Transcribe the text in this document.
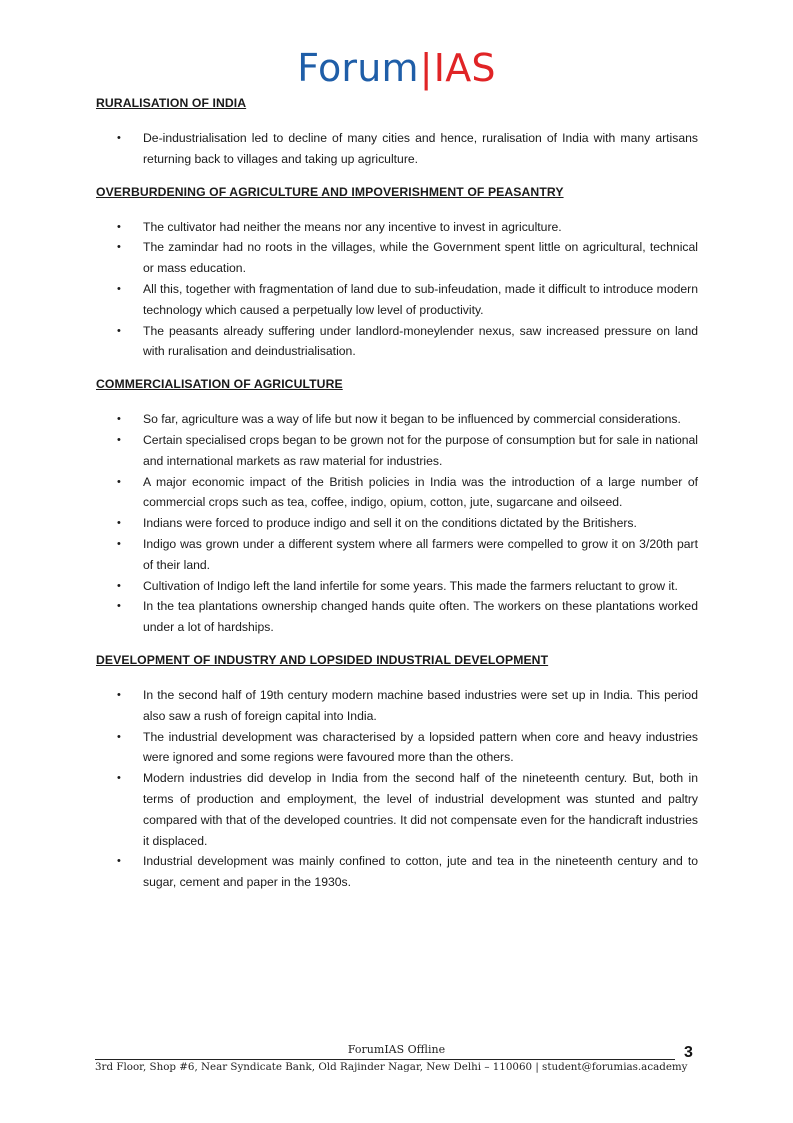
Forum|IAS
RURALISATION OF INDIA
• De-industrialisation led to decline of many cities and hence, ruralisation of India with many artisans returning back to villages and taking up agriculture.
OVERBURDENING OF AGRICULTURE AND IMPOVERISHMENT OF PEASANTRY
• The cultivator had neither the means nor any incentive to invest in agriculture.
• The zamindar had no roots in the villages, while the Government spent little on agricultural, technical or mass education.
• All this, together with fragmentation of land due to sub-infeudation, made it difficult to introduce modern technology which caused a perpetually low level of productivity.
• The peasants already suffering under landlord-moneylender nexus, saw increased pressure on land with ruralisation and deindustrialisation.
COMMERCIALISATION OF AGRICULTURE
• So far, agriculture was a way of life but now it began to be influenced by commercial considerations.
• Certain specialised crops began to be grown not for the purpose of consumption but for sale in national and international markets as raw material for industries.
• A major economic impact of the British policies in India was the introduction of a large number of commercial crops such as tea, coffee, indigo, opium, cotton, jute, sugarcane and oilseed.
• Indians were forced to produce indigo and sell it on the conditions dictated by the Britishers.
• Indigo was grown under a different system where all farmers were compelled to grow it on 3/20th part of their land.
• Cultivation of Indigo left the land infertile for some years. This made the farmers reluctant to grow it.
• In the tea plantations ownership changed hands quite often. The workers on these plantations worked under a lot of hardships.
DEVELOPMENT OF INDUSTRY AND LOPSIDED INDUSTRIAL DEVELOPMENT
• In the second half of 19th century modern machine based industries were set up in India. This period also saw a rush of foreign capital into India.
• The industrial development was characterised by a lopsided pattern when core and heavy industries were ignored and some regions were favoured more than the others.
• Modern industries did develop in India from the second half of the nineteenth century. But, both in terms of production and employment, the level of industrial development was stunted and paltry compared with that of the developed countries. It did not compensate even for the handicraft industries it displaced.
• Industrial development was mainly confined to cotton, jute and tea in the nineteenth century and to sugar, cement and paper in the 1930s.
ForumIAS Offline
3rd Floor, Shop #6, Near Syndicate Bank, Old Rajinder Nagar, New Delhi – 110060 | student@forumias.academy
3
